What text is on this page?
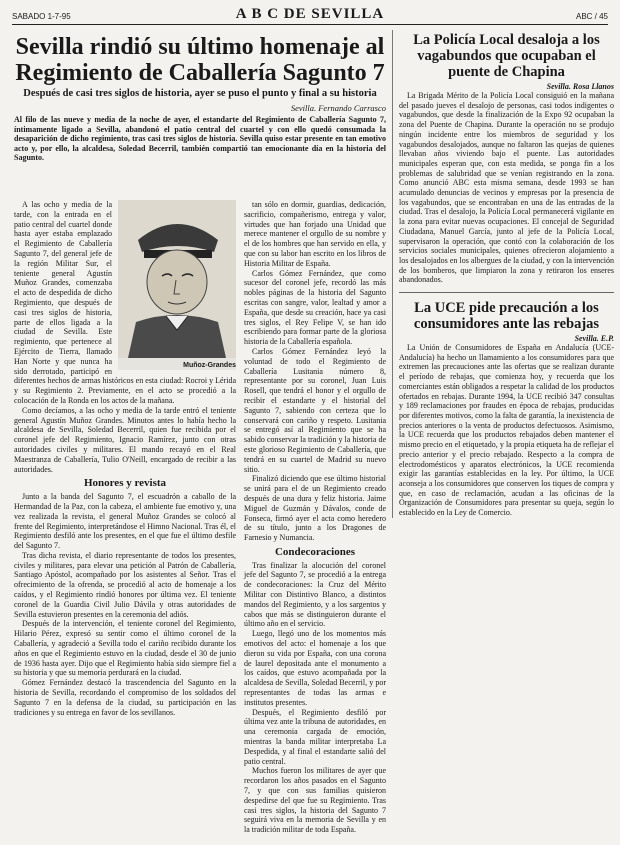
SABADO 1-7-95	A B C DE SEVILLA	ABC / 45
Sevilla rindió su último homenaje al Regimiento de Caballería Sagunto 7
Después de casi tres siglos de historia, ayer se puso el punto y final a su historia
Sevilla. Fernando Carrasco
Al filo de las nueve y media de la noche de ayer, el estandarte del Regimiento de Caballería Sagunto 7, íntimamente ligado a Sevilla, abandonó el patio central del cuartel y con ello quedó consumada la desaparición de dicho regimiento, tras casi tres siglos de historia. Sevilla quiso estar presente en tan emotivo acto y, por ello, la alcaldesa, Soledad Becerril, también compartió tan emocionante día en la historia del Sagunto.
Muñoz-Grandes

A las ocho y media de la tarde, con la entrada en el patio central del cuartel donde hasta ayer estaba emplazado el Regimiento de Caballería Sagunto 7, del general jefe de la región Militar Sur, el teniente general Agustín Muñoz Grandes, comenzaba el acto de despedida de dicho Regimiento, que después de casi tres siglos de historia, parte de ellos ligada a la ciudad de Sevilla. Este regimiento, que pertenece al Ejército de Tierra, llamado Han Norte y que nunca ha sido derrotado, participó en diferentes hechos de armas históricos en esta ciudad: Rocroi y Lérida y su Regimiento 2. Previamente, en el acto se procedió a la colocación de la Ronda en los actos de la mañana.

Como decíamos, a las ocho y media de la tarde entró el teniente general Agustín Muñoz Grandes. Minutos antes lo había hecho la alcaldesa de Sevilla, Soledad Becerril, quien fue recibida por el coronel jefe del Regimiento, Ignacio Ramírez, junto con otras autoridades civiles y militares. El mando recayó en el Real Maestranza de Caballería, Tulio O'Neill, encargado de recibir a las autoridades.

Honores y revista

Junto a la banda del Sagunto 7, el escuadrón a caballo de la Hermandad de la Paz, con la cabeza, el ambiente fue emotivo y, una vez realizada la revista, el general Muñoz Grandes se colocó al frente del Regimiento, interpretándose el Himno Nacional. Tras él, el Regimiento desfiló ante los presentes, en el que fue el último desfile del Sagunto 7.

Tras dicha revista, el diario representante de todos los presentes, civiles y militares, para elevar una petición al Patrón de Caballería, Santiago Apóstol, acompañado por los asistentes al Señor. Tras el ofrecimiento de la ofrenda, se procedió al acto de homenaje a los caídos, y el Regimiento rindió honores por última vez. El teniente coronel de la Guardia Civil Julio Dávila y otras autoridades de Sevilla estuvieron presentes en la ceremonia del adiós.

Después de la intervención, el teniente coronel del Regimiento, Hilario Pérez, expresó su sentir como el último coronel de la Caballería, y agradeció a Sevilla todo el cariño recibido durante los años en que el Regimiento estuvo en la ciudad, desde el 30 de junio de 1936 hasta ayer. Dijo que el Regimiento había sido siempre fiel a su historia y que su memoria perdurará en la ciudad.

Gómez Fernández destacó la trascendencia del Sagunto en la historia de Sevilla, recordando el compromiso de los soldados del Sagunto 7 en la defensa de la ciudad, su participación en las tradiciones y su entrega en favor de los sevillanos.

tan sólo en dormir, guardias, dedicación, sacrificio, compañerismo, entrega y valor, virtudes que han forjado una Unidad que merece mantener el orgullo de su nombre y el de los hombres que han servido en ella, y que con su labor han escrito en los libros de Historia Militar de España.

Carlos Gómez Fernández, que como sucesor del coronel jefe, recordó las más nobles páginas de la historia del Sagunto escritas con sangre, valor, lealtad y amor a España, que desde su creación, hace ya casi tres siglos, el Rey Felipe V, se han ido escribiendo para formar parte de la gloriosa historia de la Caballería española.

Carlos Gómez Fernández leyó la voluntad de todo el Regimiento de Caballería Lusitania número 8, representante por su coronel, Juan Luis Rosell, que tendrá el honor y el orgullo de recibir el estandarte y el historial del Sagunto 7, sabiendo con certeza que lo conservará con cariño y respeto. Lusitania se entregó así al Regimiento que se ha sabido conservar la tradición y la historia de este glorioso Regimiento de Caballería, que tendrá en su cuartel de Madrid su nuevo sitio.

Finalizó diciendo que ese último historial se unirá para el de un Regimiento creado después de una dura y feliz historia. Jaime Miguel de Guzmán y Dávalos, conde de Fonseca, firmó ayer el acta como heredero de su título, junto a los Dragones de Farnesio y Numancia.

Condecoraciones

Tras finalizar la alocución del coronel jefe del Sagunto 7, se procedió a la entrega de condecoraciones: la Cruz del Mérito Militar con Distintivo Blanco, a distintos mandos del Regimiento, y a los sargentos y cabos que más se distinguieron durante el último año en el servicio.

Luego, llegó uno de los momentos más emotivos del acto: el homenaje a los que dieron su vida por España, con una corona de laurel depositada ante el monumento a los caídos, que estuvo acompañada por la alcaldesa de Sevilla, Soledad Becerril, y por representantes de todas las armas e institutos presentes.

Después, el Regimiento desfiló por última vez ante la tribuna de autoridades, en una ceremonia cargada de emoción, mientras la banda militar interpretaba La Despedida, y al final el estandarte salió del patio central.

Muchos fueron los militares de ayer que recordaron los años pasados en el Sagunto 7, y que con sus familias quisieron despedirse del que fue su Regimiento. Tras casi tres siglos, la historia del Sagunto 7 seguirá viva en la memoria de Sevilla y en la tradición militar de toda España.

La Policía Local desaloja a los vagabundos que ocupaban el puente de Chapina
Sevilla. Rosa Llanos

La Brigada Mérito de la Policía Local consiguió en la mañana del pasado jueves el desalojo de personas, casi todos indigentes o vagabundos, que desde la finalización de la Expo 92 ocupaban la zona del Puente de Chapina. Durante la operación no se produjo ningún incidente entre los miembros de seguridad y los vagabundos desalojados, aunque no faltaron las quejas de quienes llevaban años viviendo bajo el puente. Las autoridades municipales esperan que, con esta medida, se ponga fin a los problemas de salubridad que se venían registrando en la zona. Como anunció ABC esta misma semana, desde 1993 se han acumulado denuncias de vecinos y empresas por la presencia de los vagabundos, que se encontraban en una de las entradas de la ciudad. Tras el desalojo, la Policía Local permanecerá vigilante en la zona para evitar nuevas ocupaciones. El concejal de Seguridad Ciudadana, Manuel García, junto al jefe de la Policía Local, supervisaron la operación, que contó con la colaboración de los servicios sociales municipales, quienes ofrecieron alojamiento a los desalojados en los albergues de la ciudad, y con la intervención de los bomberos, que limpiaron la zona y retiraron los enseres abandonados.

La UCE pide precaución a los consumidores ante las rebajas
Sevilla. E.P.

La Unión de Consumidores de España en Andalucía (UCE-Andalucía) ha hecho un llamamiento a los consumidores para que extremen las precauciones ante las ofertas que se realizan durante el período de rebajas, que comienza hoy, y recuerda que los comerciantes están obligados a respetar la calidad de los productos ofertados en rebajas. Durante 1994, la UCE recibió 347 consultas y 189 reclamaciones por fraudes en época de rebajas, producidas por diferentes motivos, como la falta de garantía, la inexistencia de precios anteriores o la venta de productos defectuosos. Asimismo, la UCE recuerda que los productos rebajados deben mantener el mismo precio en el etiquetado, y la propia etiqueta ha de reflejar el precio anterior y el precio rebajado. Respecto a la compra de electrodomésticos y aparatos electrónicos, la UCE recomienda exigir las garantías establecidas en la ley. Por último, la UCE aconseja a los consumidores que conserven los tiques de compra y que, en caso de reclamación, acudan a las oficinas de la Organización de Consumidores para presentar su queja, según lo establecido en la Ley de Comercio.
